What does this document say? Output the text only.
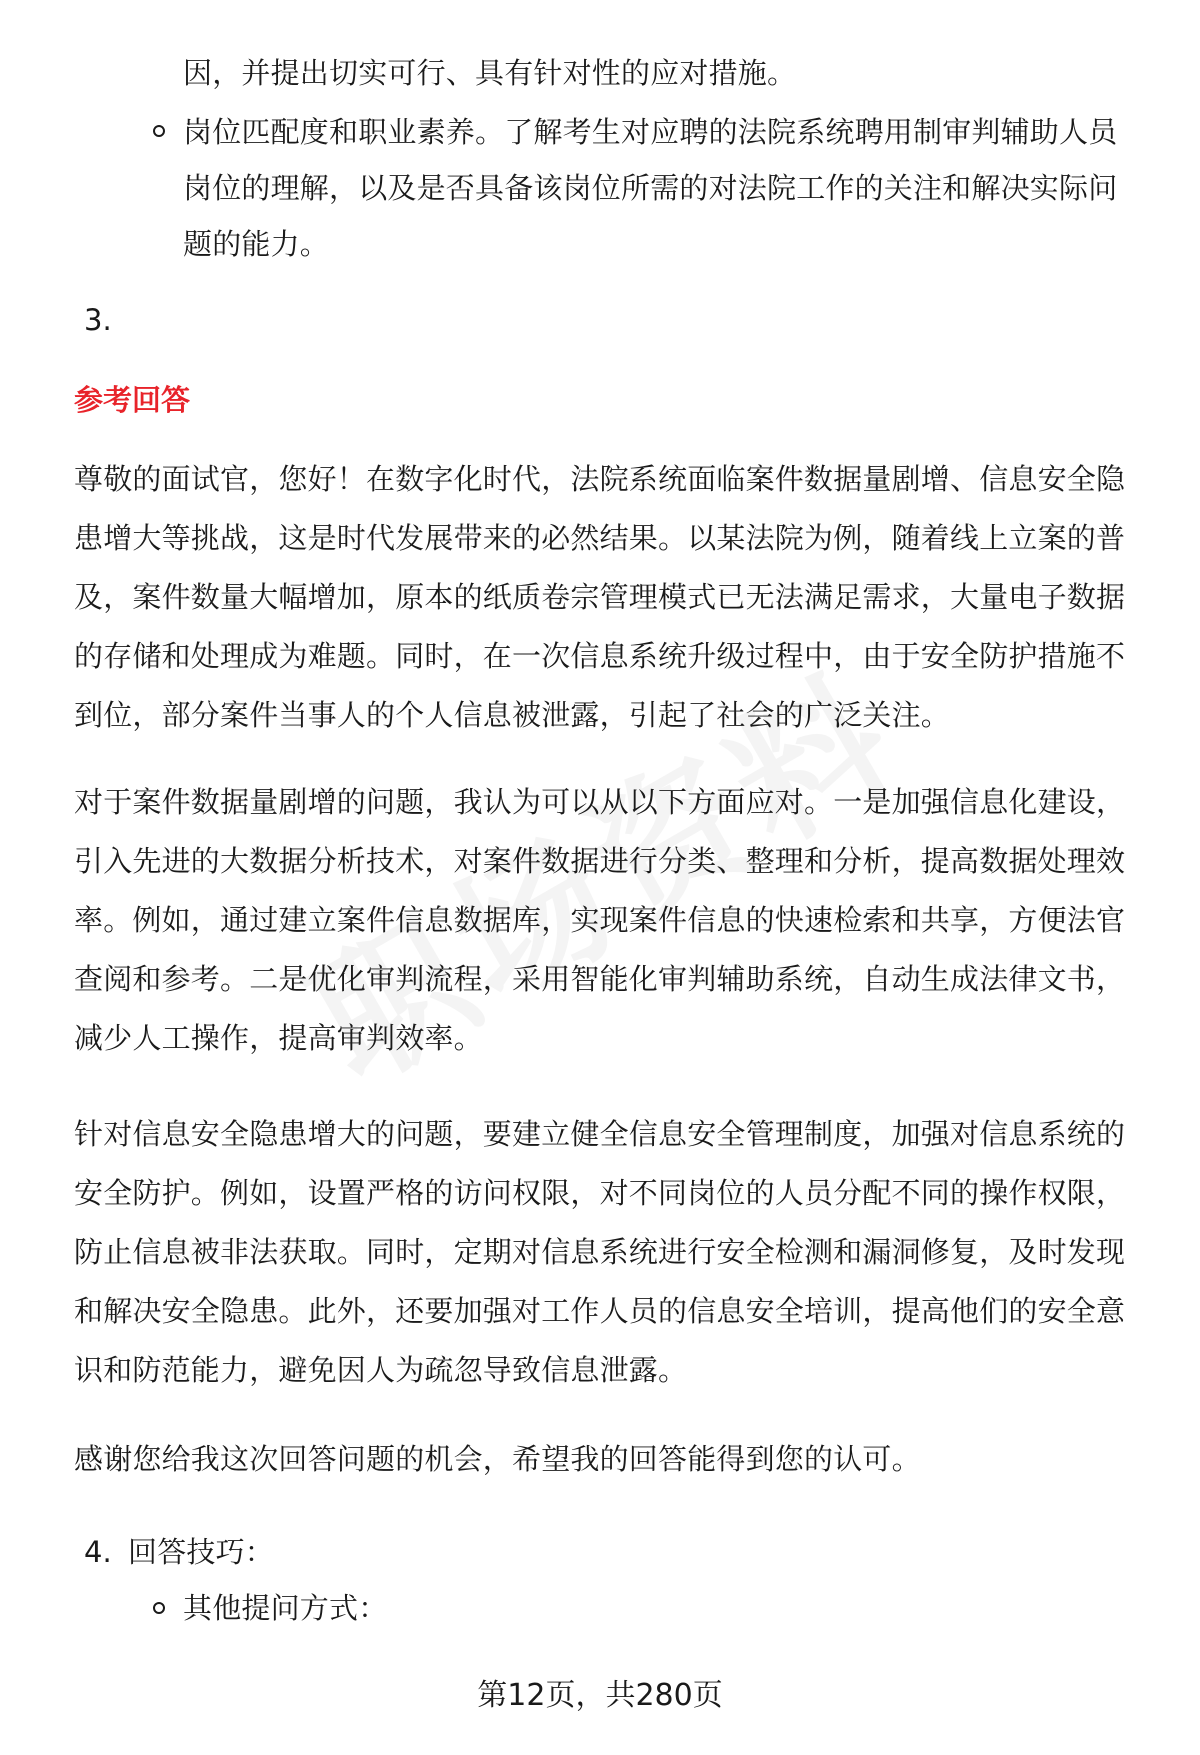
因，并提出切实可行、具有针对性的应对措施。
岗位匹配度和职业素养。了解考生对应聘的法院系统聘用制审判辅助人员
岗位的理解，以及是否具备该岗位所需的对法院工作的关注和解决实际问
题的能力。
3.
参考回答
尊敬的面试官，您好！在数字化时代，法院系统面临案件数据量剧增、信息安全隐
患增大等挑战，这是时代发展带来的必然结果。以某法院为例，随着线上立案的普
及，案件数量大幅增加，原本的纸质卷宗管理模式已无法满足需求，大量电子数据
的存储和处理成为难题。同时，在一次信息系统升级过程中，由于安全防护措施不
到位，部分案件当事人的个人信息被泄露，引起了社会的广泛关注。
对于案件数据量剧增的问题，我认为可以从以下方面应对。一是加强信息化建设，
引入先进的大数据分析技术，对案件数据进行分类、整理和分析，提高数据处理效
率。例如，通过建立案件信息数据库，实现案件信息的快速检索和共享，方便法官
查阅和参考。二是优化审判流程，采用智能化审判辅助系统，自动生成法律文书，
减少人工操作，提高审判效率。
针对信息安全隐患增大的问题，要建立健全信息安全管理制度，加强对信息系统的
安全防护。例如，设置严格的访问权限，对不同岗位的人员分配不同的操作权限，
防止信息被非法获取。同时，定期对信息系统进行安全检测和漏洞修复，及时发现
和解决安全隐患。此外，还要加强对工作人员的信息安全培训，提高他们的安全意
识和防范能力，避免因人为疏忽导致信息泄露。
感谢您给我这次回答问题的机会，希望我的回答能得到您的认可。
4. 回答技巧：
其他提问方式：
第12页，共280页
